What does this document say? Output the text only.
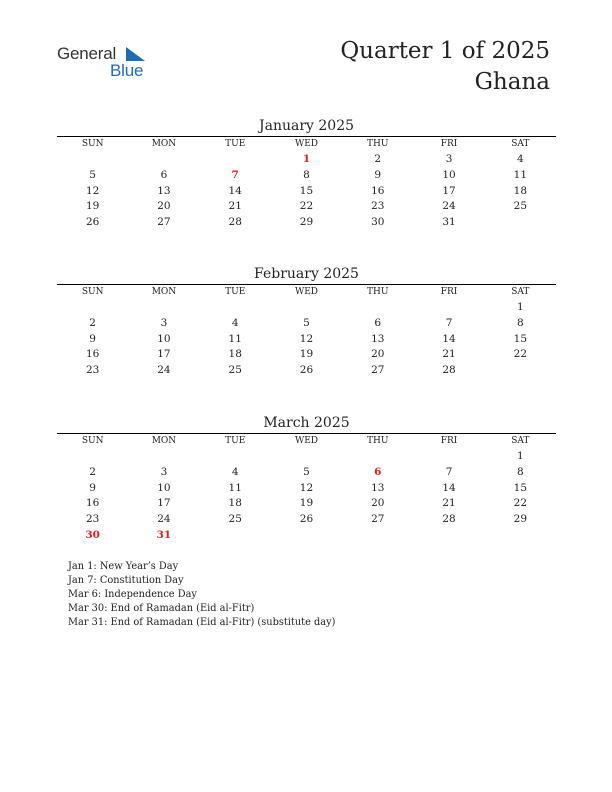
General
Blue
Quarter 1 of 2025
Ghana
January 2025
SUN	MON	TUE	WED	THU	FRI	SAT
			1	2	3	4
5	6	7	8	9	10	11
12	13	14	15	16	17	18
19	20	21	22	23	24	25
26	27	28	29	30	31	
February 2025
SUN	MON	TUE	WED	THU	FRI	SAT
						1
2	3	4	5	6	7	8
9	10	11	12	13	14	15
16	17	18	19	20	21	22
23	24	25	26	27	28	
March 2025
SUN	MON	TUE	WED	THU	FRI	SAT
						1
2	3	4	5	6	7	8
9	10	11	12	13	14	15
16	17	18	19	20	21	22
23	24	25	26	27	28	29
30	31					
Jan 1: New Year’s Day
Jan 7: Constitution Day
Mar 6: Independence Day
Mar 30: End of Ramadan (Eid al-Fitr)
Mar 31: End of Ramadan (Eid al-Fitr) (substitute day)
